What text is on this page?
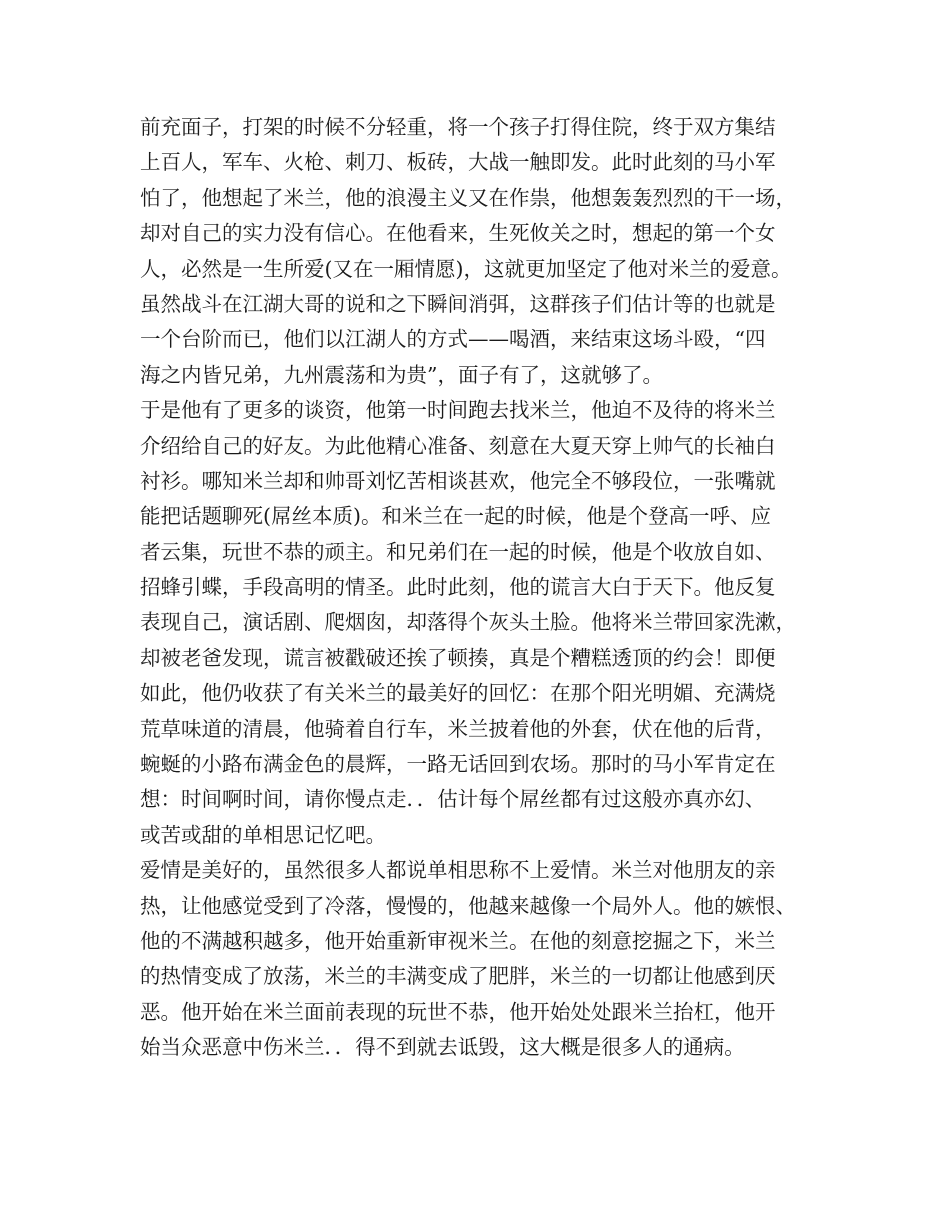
前充面子，打架的时候不分轻重，将一个孩子打得住院，终于双方集结
上百人，军车、火枪、刺刀、板砖，大战一触即发。此时此刻的马小军
怕了，他想起了米兰，他的浪漫主义又在作祟，他想轰轰烈烈的干一场，
却对自己的实力没有信心。在他看来，生死攸关之时，想起的第一个女
人，必然是一生所爱(又在一厢情愿)，这就更加坚定了他对米兰的爱意。
虽然战斗在江湖大哥的说和之下瞬间消弭，这群孩子们估计等的也就是
一个台阶而已，他们以江湖人的方式——喝酒，来结束这场斗殴，“四
海之内皆兄弟，九州震荡和为贵”，面子有了，这就够了。
于是他有了更多的谈资，他第一时间跑去找米兰，他迫不及待的将米兰
介绍给自己的好友。为此他精心准备、刻意在大夏天穿上帅气的长袖白
衬衫。哪知米兰却和帅哥刘忆苦相谈甚欢，他完全不够段位，一张嘴就
能把话题聊死(屌丝本质)。和米兰在一起的时候，他是个登高一呼、应
者云集，玩世不恭的顽主。和兄弟们在一起的时候，他是个收放自如、
招蜂引蝶，手段高明的情圣。此时此刻，他的谎言大白于天下。他反复
表现自己，演话剧、爬烟囱，却落得个灰头土脸。他将米兰带回家洗漱，
却被老爸发现，谎言被戳破还挨了顿揍，真是个糟糕透顶的约会！即便
如此，他仍收获了有关米兰的最美好的回忆：在那个阳光明媚、充满烧
荒草味道的清晨，他骑着自行车，米兰披着他的外套，伏在他的后背，
蜿蜒的小路布满金色的晨辉，一路无话回到农场。那时的马小军肯定在
想：时间啊时间，请你慢点走．．估计每个屌丝都有过这般亦真亦幻、
或苦或甜的单相思记忆吧。
爱情是美好的，虽然很多人都说单相思称不上爱情。米兰对他朋友的亲
热，让他感觉受到了冷落，慢慢的，他越来越像一个局外人。他的嫉恨、
他的不满越积越多，他开始重新审视米兰。在他的刻意挖掘之下，米兰
的热情变成了放荡，米兰的丰满变成了肥胖，米兰的一切都让他感到厌
恶。他开始在米兰面前表现的玩世不恭，他开始处处跟米兰抬杠，他开
始当众恶意中伤米兰．．得不到就去诋毁，这大概是很多人的通病。
